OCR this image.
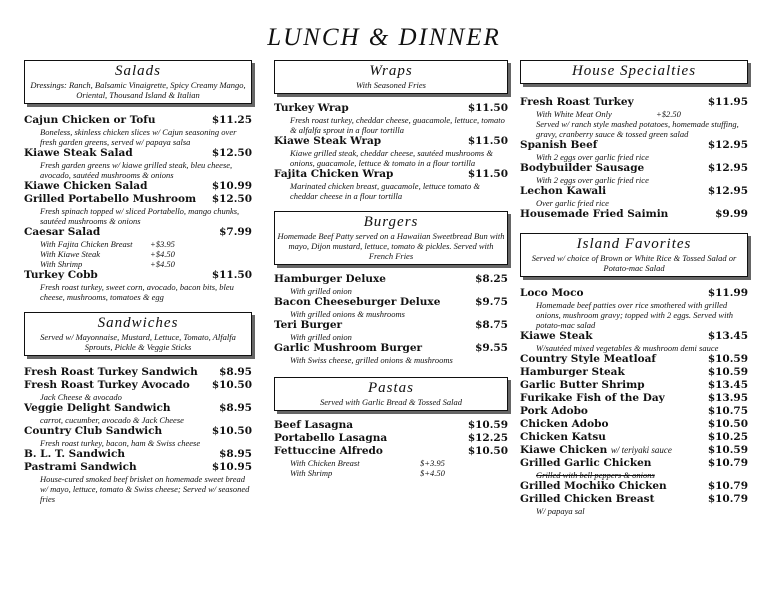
LUNCH & DINNER
Salads
Dressings: Ranch, Balsamic Vinaigrette, Spicy Creamy Mango, Oriental, Thousand Island & Italian
Cajun Chicken or Tofu	$11.25
Boneless, skinless chicken slices w/ Cajun seasoning over fresh garden greens, served w/ papaya salsa
Kiawe Steak Salad	$12.50
Fresh garden greens w/ kiawe grilled steak, bleu cheese, avocado, sautéed mushrooms & onions
Kiawe Chicken Salad	$10.99
Grilled Portabello Mushroom $12.50
Fresh spinach topped w/ sliced Portabello, mango chunks, sautéed mushrooms & onions
Caesar Salad	$7.99
With Fajita Chicken Breast	+$3.95
With Kiawe Steak	+$4.50
With Shrimp	+$4.50
Turkey Cobb	$11.50
Fresh roast turkey, sweet corn, avocado, bacon bits, bleu cheese, mushrooms, tomatoes & egg
Sandwiches
Served w/ Mayonnaise, Mustard, Lettuce, Tomato, Alfalfa Sprouts, Pickle & Veggie Sticks
Fresh Roast Turkey Sandwich $8.95
Fresh Roast Turkey Avocado $10.50
Jack Cheese & avocado
Veggie Delight Sandwich	$8.95
carrot, cucumber, avocado & Jack Cheese
Country Club Sandwich	$10.50
Fresh roast turkey, bacon, ham & Swiss cheese
B. L. T. Sandwich	$8.95
Pastrami Sandwich	$10.95
House-cured smoked beef brisket on homemade sweet bread w/ mayo, lettuce, tomato & Swiss cheese; Served w/ seasoned fries
Wraps
With Seasoned Fries
Turkey Wrap	$11.50
Fresh roast turkey, cheddar cheese, guacamole, lettuce, tomato & alfalfa sprout in a flour tortilla
Kiawe Steak Wrap	$11.50
Kiawe grilled steak, cheddar cheese, sautéed mushrooms & onions, guacamole, lettuce & tomato in a flour tortilla
Fajita Chicken Wrap	$11.50
Marinated chicken breast, guacamole, lettuce tomato & cheddar cheese in a flour tortilla
Burgers
Homemade Beef Patty served on a Hawaiian Sweetbread Bun with mayo, Dijon mustard, lettuce, tomato & pickles. Served with French Fries
Hamburger Deluxe	$8.25
With grilled onion
Bacon Cheeseburger Deluxe	$9.75
With grilled onions & mushrooms
Teri Burger	$8.75
With grilled onion
Garlic Mushroom Burger	$9.55
With Swiss cheese, grilled onions & mushrooms
Pastas
Served with Garlic Bread & Tossed Salad
Beef Lasagna	$10.59
Portabello Lasagna	$12.25
Fettuccine Alfredo	$10.50
With Chicken Breast	$+3.95
With Shrimp	$+4.50
House Specialties
Fresh Roast Turkey	$11.95
With White Meat Only	+$2.50
Served w/ ranch style mashed potatoes, homemade stuffing, gravy, cranberry sauce & tossed green salad
Spanish Beef	$12.95
With 2 eggs over garlic fried rice
Bodybuilder Sausage	$12.95
With 2 eggs over garlic fried rice
Lechon Kawali	$12.95
Over garlic fried rice
Housemade Fried Saimin	$9.99
Island Favorites
Served w/ choice of Brown or White Rice & Tossed Salad or Potato-mac Salad
Loco Moco	$11.99
Homemade beef patties over rice smothered with grilled onions, mushroom gravy; topped with 2 eggs. Served with potato-mac salad
Kiawe Steak	$13.45
W/sautéed mixed vegetables & mushroom demi sauce
Country Style Meatloaf	$10.59
Hamburger Steak	$10.59
Garlic Butter Shrimp	$13.45
Furikake Fish of the Day	$13.95
Pork Adobo	$10.75
Chicken Adobo	$10.50
Chicken Katsu	$10.25
Kiawe Chicken w/ teriyaki sauce	$10.59
Grilled Garlic Chicken	$10.79
Grilled with bell peppers & onions
Grilled Mochiko Chicken	$10.79
Grilled Chicken Breast	$10.79
W/ papaya sal
